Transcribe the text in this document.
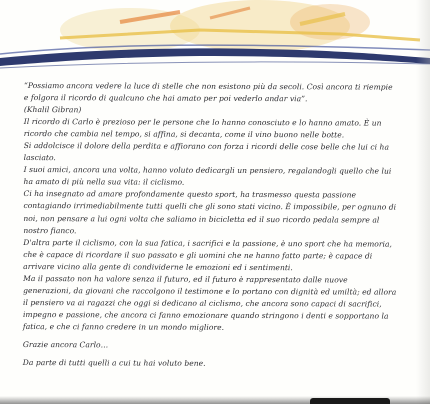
“Possiamo ancora vedere la luce di stelle che non esistono più da secoli. Così ancora ti riempie
e folgora il ricordo di qualcuno che hai amato per poi vederlo andar via”.
(Khalil Gibran)
Il ricordo di Carlo è prezioso per le persone che lo hanno conosciuto e lo hanno amato. È un
ricordo che cambia nel tempo, si affina, si decanta, come il vino buono nelle botte.
Si addolcisce il dolore della perdita e affiorano con forza i ricordi delle cose belle che lui ci ha
lasciato.
I suoi amici, ancora una volta, hanno voluto dedicargli un pensiero, regalandogli quello che lui
ha amato di più nella sua vita: il ciclismo.
Ci ha insegnato ad amare profondamente questo sport, ha trasmesso questa passione
contagiando irrimediabilmente tutti quelli che gli sono stati vicino. È impossibile, per ognuno di
noi, non pensare a lui ogni volta che saliamo in bicicletta ed il suo ricordo pedala sempre al
nostro fianco.
D'altra parte il ciclismo, con la sua fatica, i sacrifici e la passione, è uno sport che ha memoria,
che è capace di ricordare il suo passato e gli uomini che ne hanno fatto parte; è capace di
arrivare vicino alla gente di condividerne le emozioni ed i sentimenti.
Ma il passato non ha valore senza il futuro, ed il futuro è rappresentato dalle nuove
generazioni, da giovani che raccolgono il testimone e lo portano con dignità ed umiltà; ed allora
il pensiero va ai ragazzi che oggi si dedicano al ciclismo, che ancora sono capaci di sacrifici,
impegno e passione, che ancora ci fanno emozionare quando stringono i denti e sopportano la
fatica, e che ci fanno credere in un mondo migliore.
Grazie ancora Carlo…
Da parte di tutti quelli a cui tu hai voluto bene.
